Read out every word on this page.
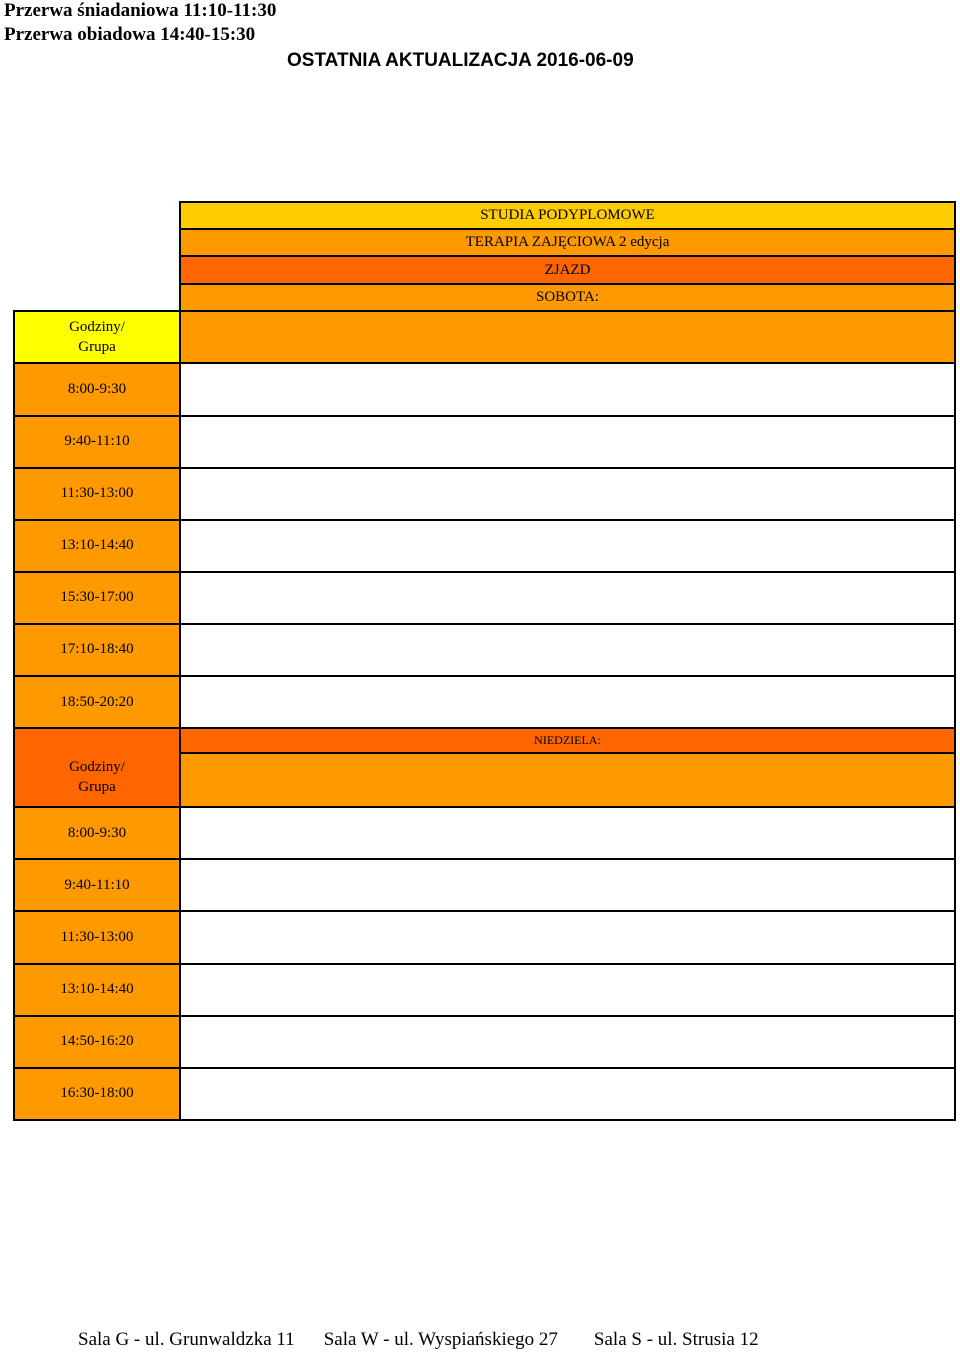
Przerwa śniadaniowa 11:10-11:30
Przerwa obiadowa 14:40-15:30
OSTATNIA AKTUALIZACJA 2016-06-09
	STUDIA PODYPLOMOWE
	TERAPIA ZAJĘCIOWA 2 edycja
	ZJAZD
	SOBOTA:
Godziny/
Grupa	
8:00-9:30	
9:40-11:10	
11:30-13:00	
13:10-14:40	
15:30-17:00	
17:10-18:40	
18:50-20:20	
Godziny/
Grupa	NIEDZIELA:

8:00-9:30	
9:40-11:10	
11:30-13:00	
13:10-14:40	
14:50-16:20	
16:30-18:00	
Sala G - ul. Grunwaldzka 11 Sala W - ul. Wyspiańskiego 27 Sala S - ul. Strusia 12
